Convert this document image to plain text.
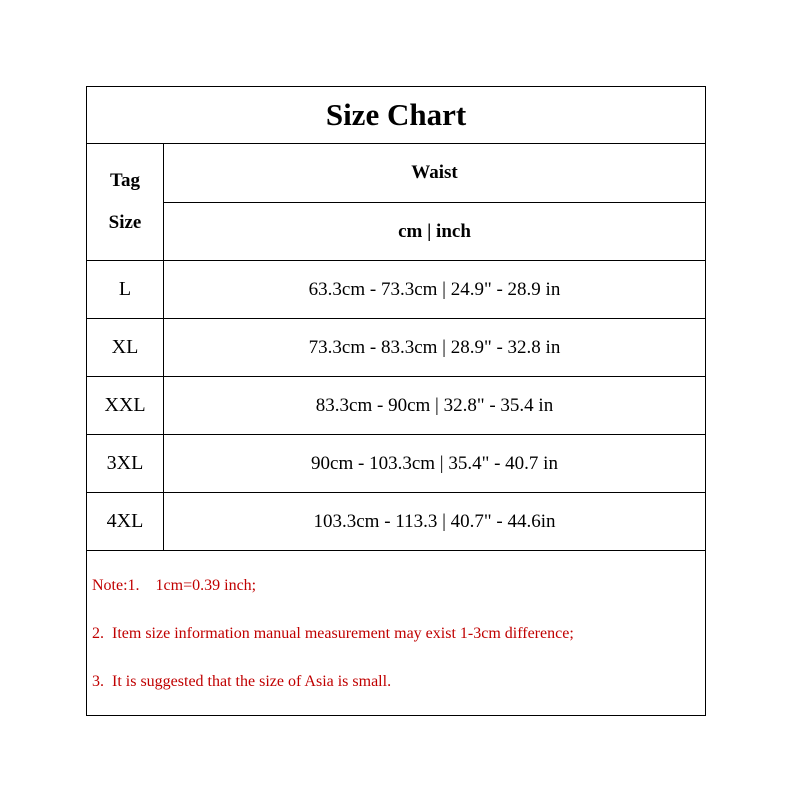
Size Chart
Tag
Size
Waist
cm | inch
L	63.3cm - 73.3cm | 24.9" - 28.9 in
XL	73.3cm - 83.3cm | 28.9" - 32.8 in
XXL	83.3cm - 90cm | 32.8" - 35.4 in
3XL	90cm - 103.3cm | 35.4" - 40.7 in
4XL	103.3cm - 113.3 | 40.7" - 44.6in
Note:1.    1cm=0.39 inch;
2.  Item size information manual measurement may exist 1-3cm difference;
3.  It is suggested that the size of Asia is small.
